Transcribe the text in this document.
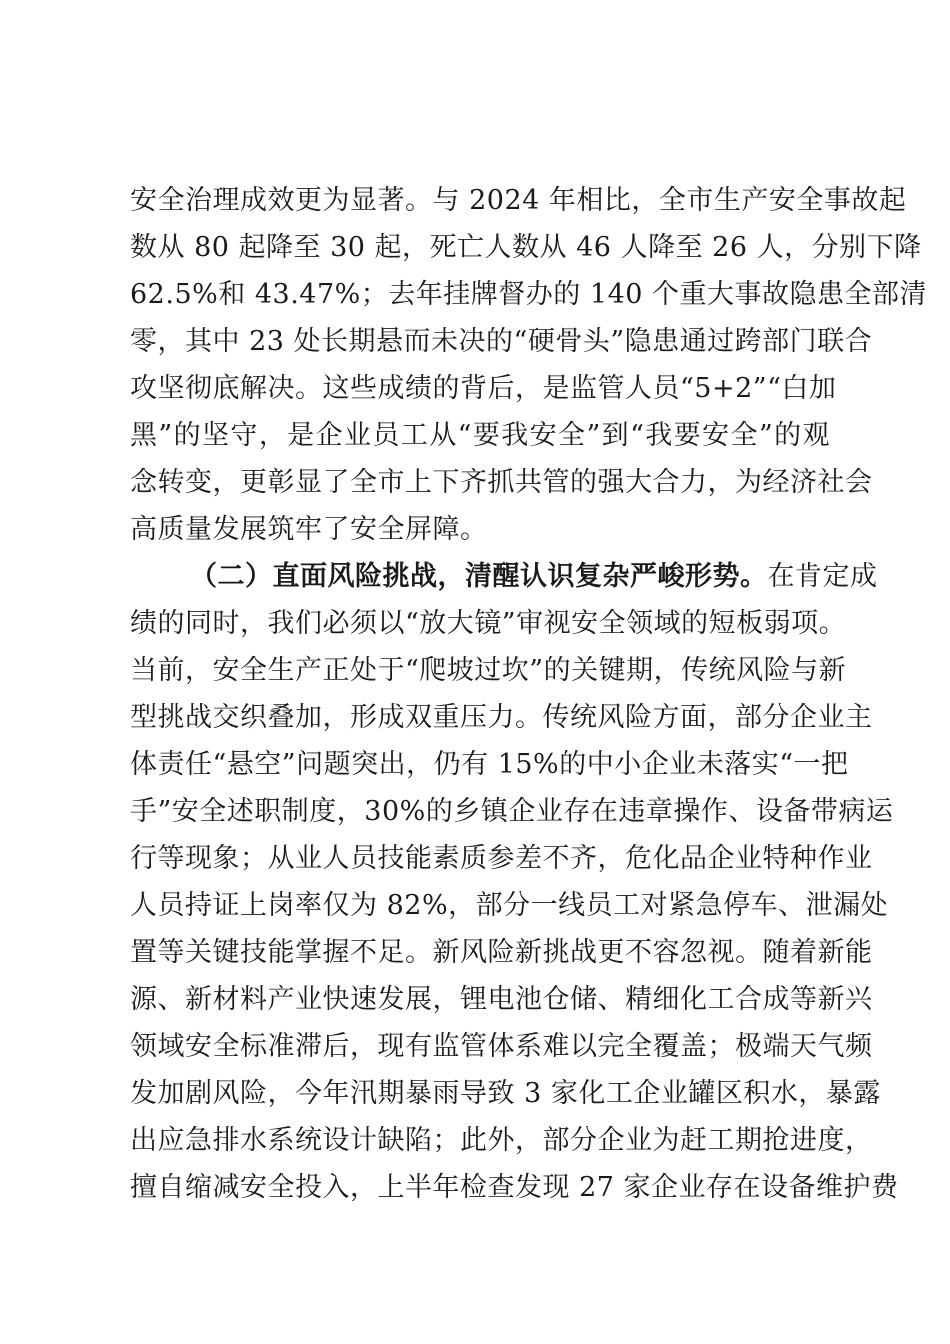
安全治理成效更为显著。与 2024 年相比，全市生产安全事故起
数从 80 起降至 30 起，死亡人数从 46 人降至 26 人，分别下降
62.5%和 43.47%；去年挂牌督办的 140 个重大事故隐患全部清
零，其中 23 处长期悬而未决的“硬骨头”隐患通过跨部门联合
攻坚彻底解决。这些成绩的背后，是监管人员“5+2”“白加
黑”的坚守，是企业员工从“要我安全”到“我要安全”的观
念转变，更彰显了全市上下齐抓共管的强大合力，为经济社会
高质量发展筑牢了安全屏障。
（二）直面风险挑战，清醒认识复杂严峻形势。在肯定成
绩的同时，我们必须以“放大镜”审视安全领域的短板弱项。
当前，安全生产正处于“爬坡过坎”的关键期，传统风险与新
型挑战交织叠加，形成双重压力。传统风险方面，部分企业主
体责任“悬空”问题突出，仍有 15%的中小企业未落实“一把
手”安全述职制度，30%的乡镇企业存在违章操作、设备带病运
行等现象；从业人员技能素质参差不齐，危化品企业特种作业
人员持证上岗率仅为 82%，部分一线员工对紧急停车、泄漏处
置等关键技能掌握不足。新风险新挑战更不容忽视。随着新能
源、新材料产业快速发展，锂电池仓储、精细化工合成等新兴
领域安全标准滞后，现有监管体系难以完全覆盖；极端天气频
发加剧风险，今年汛期暴雨导致 3 家化工企业罐区积水，暴露
出应急排水系统设计缺陷；此外，部分企业为赶工期抢进度，
擅自缩减安全投入，上半年检查发现 27 家企业存在设备维护费
